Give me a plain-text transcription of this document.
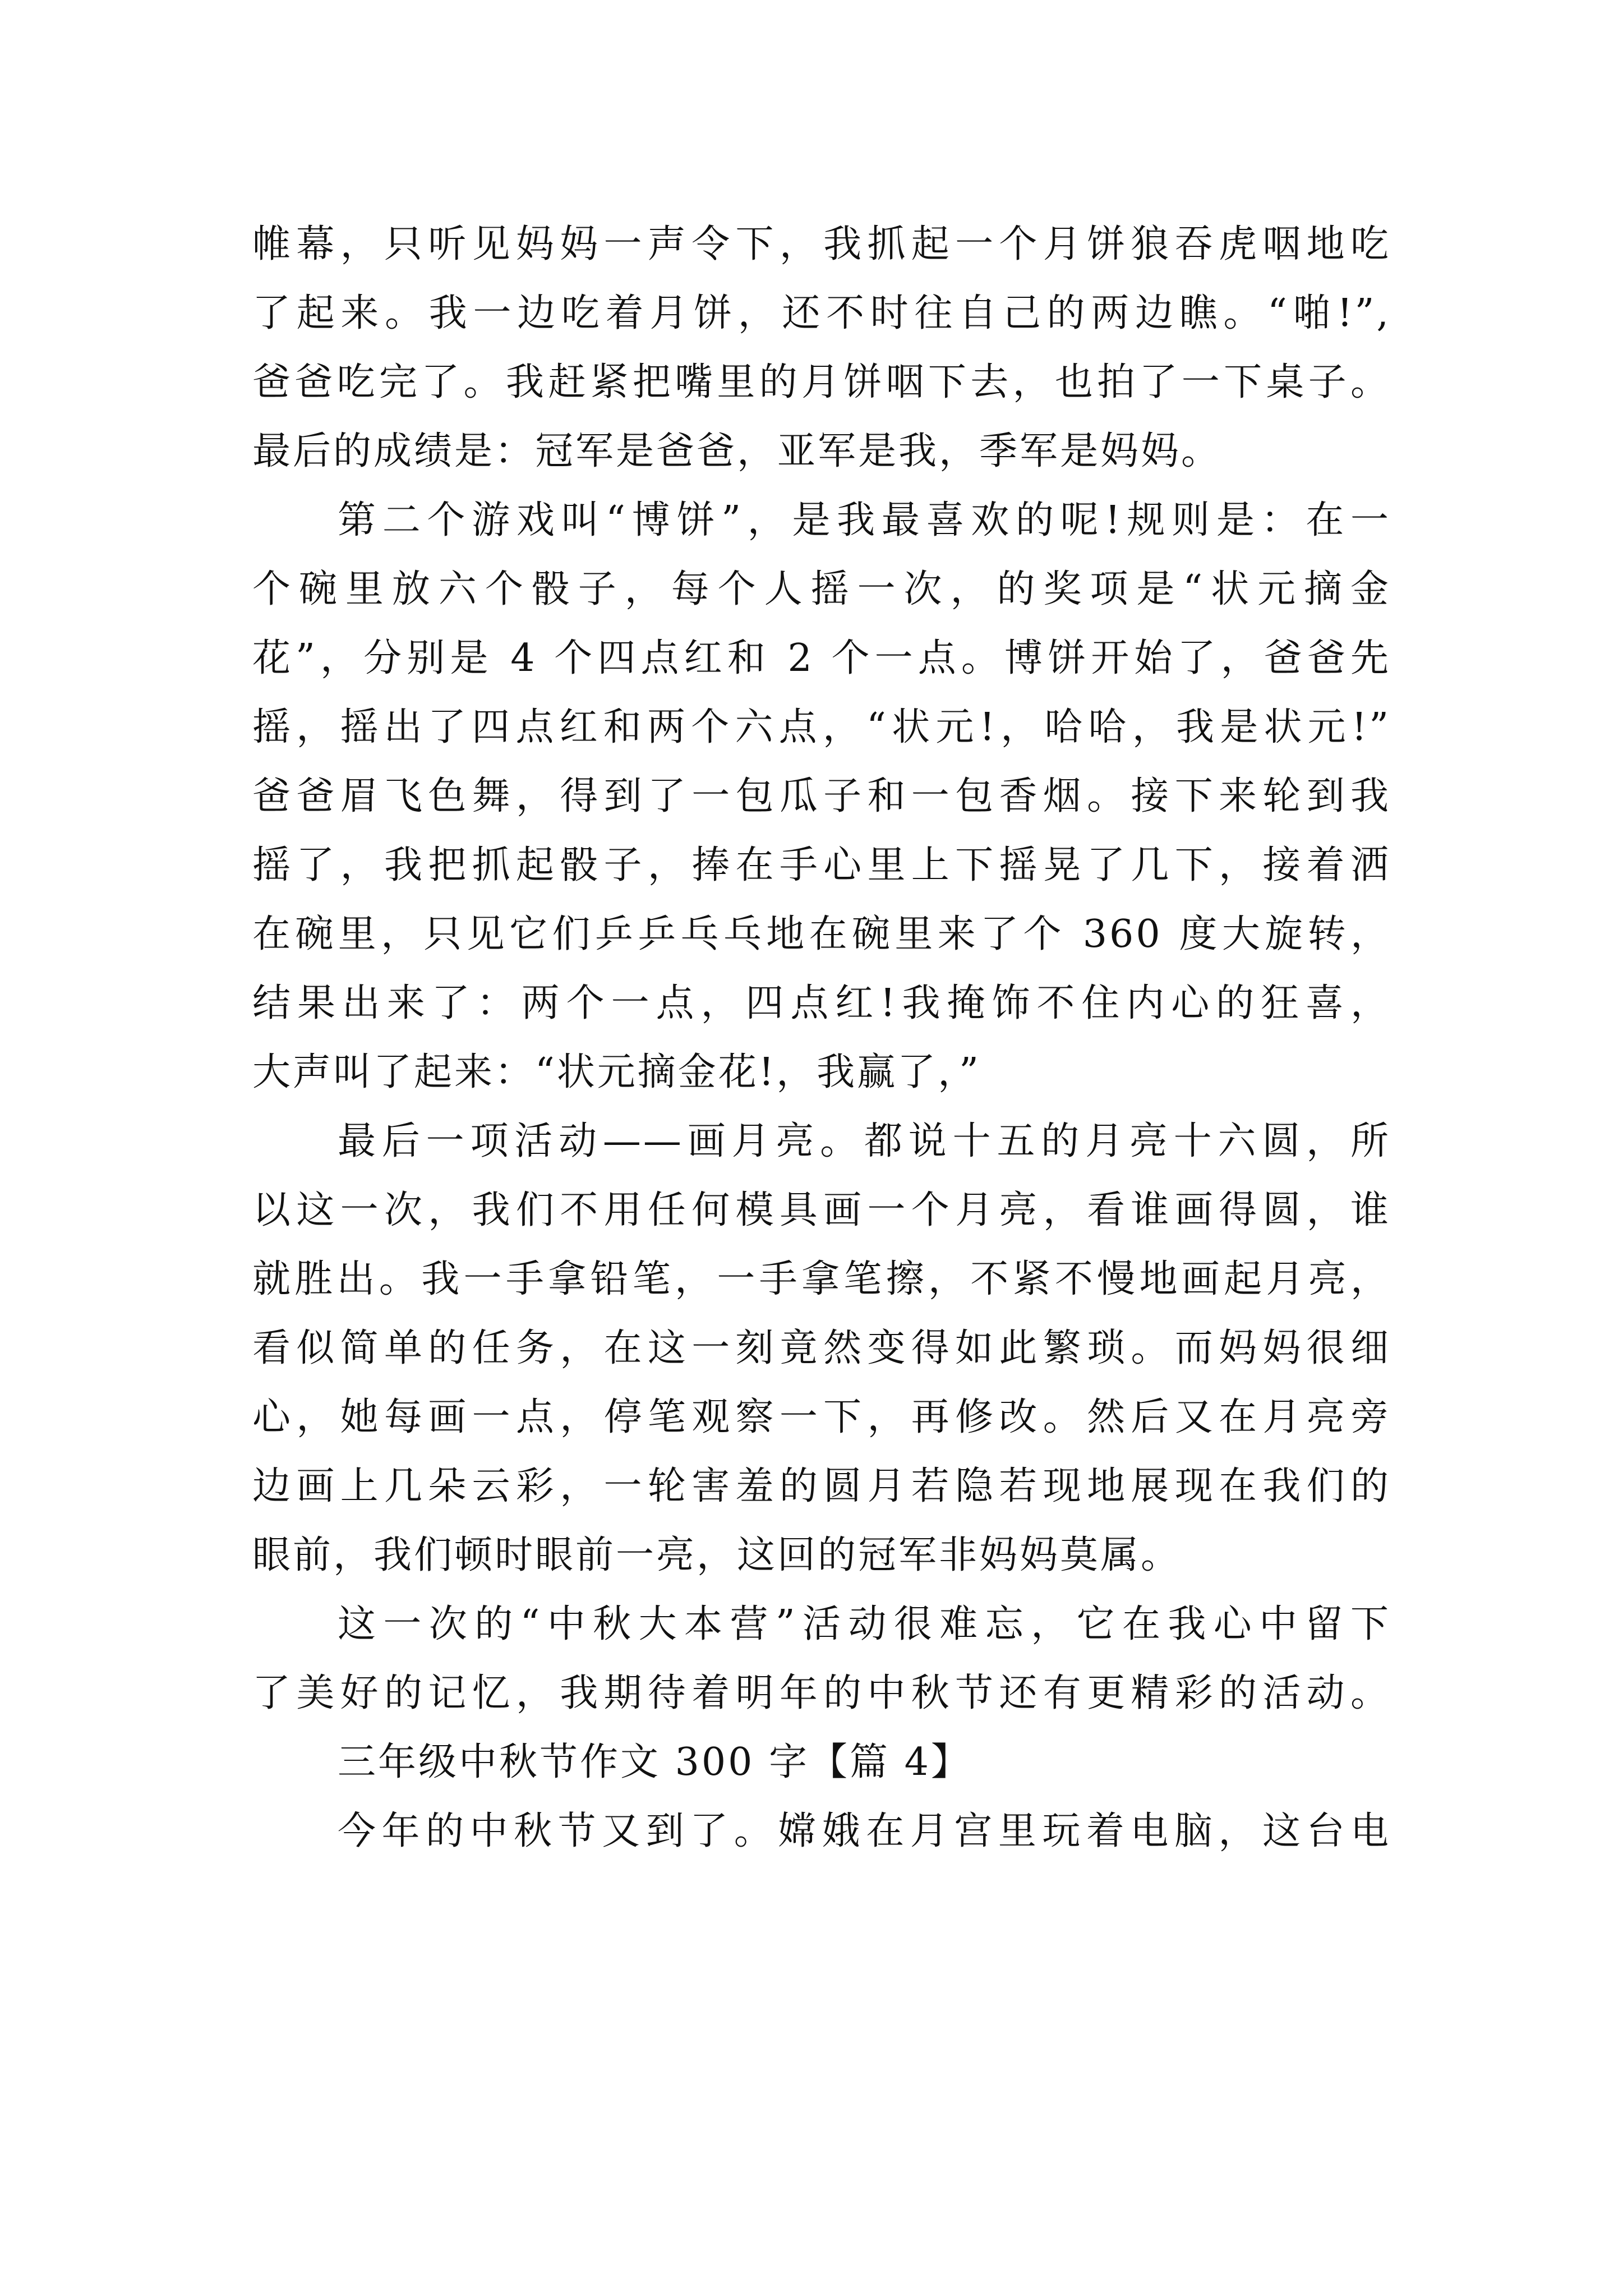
帷幕，只听见妈妈一声令下，我抓起一个月饼狼吞虎咽地吃
了起来。我一边吃着月饼，还不时往自己的两边瞧。“啪!”,
爸爸吃完了。我赶紧把嘴里的月饼咽下去，也拍了一下桌子。
最后的成绩是：冠军是爸爸，亚军是我，季军是妈妈。
第二个游戏叫“博饼”，是我最喜欢的呢!规则是：在一
个碗里放六个骰子，每个人摇一次，的奖项是“状元摘金
花”，分别是 4 个四点红和 2 个一点。博饼开始了，爸爸先
摇，摇出了四点红和两个六点，“状元!，哈哈，我是状元!”
爸爸眉飞色舞，得到了一包瓜子和一包香烟。接下来轮到我
摇了，我把抓起骰子，捧在手心里上下摇晃了几下，接着洒
在碗里，只见它们乒乒乓乓地在碗里来了个 360 度大旋转，
结果出来了：两个一点，四点红!我掩饰不住内心的狂喜，
大声叫了起来：“状元摘金花!，我赢了，”
最后一项活动——画月亮。都说十五的月亮十六圆，所
以这一次，我们不用任何模具画一个月亮，看谁画得圆，谁
就胜出。我一手拿铅笔，一手拿笔擦，不紧不慢地画起月亮，
看似简单的任务，在这一刻竟然变得如此繁琐。而妈妈很细
心，她每画一点，停笔观察一下，再修改。然后又在月亮旁
边画上几朵云彩，一轮害羞的圆月若隐若现地展现在我们的
眼前，我们顿时眼前一亮，这回的冠军非妈妈莫属。
这一次的“中秋大本营”活动很难忘，它在我心中留下
了美好的记忆，我期待着明年的中秋节还有更精彩的活动。
三年级中秋节作文 300 字【篇 4】
今年的中秋节又到了。嫦娥在月宫里玩着电脑，这台电
